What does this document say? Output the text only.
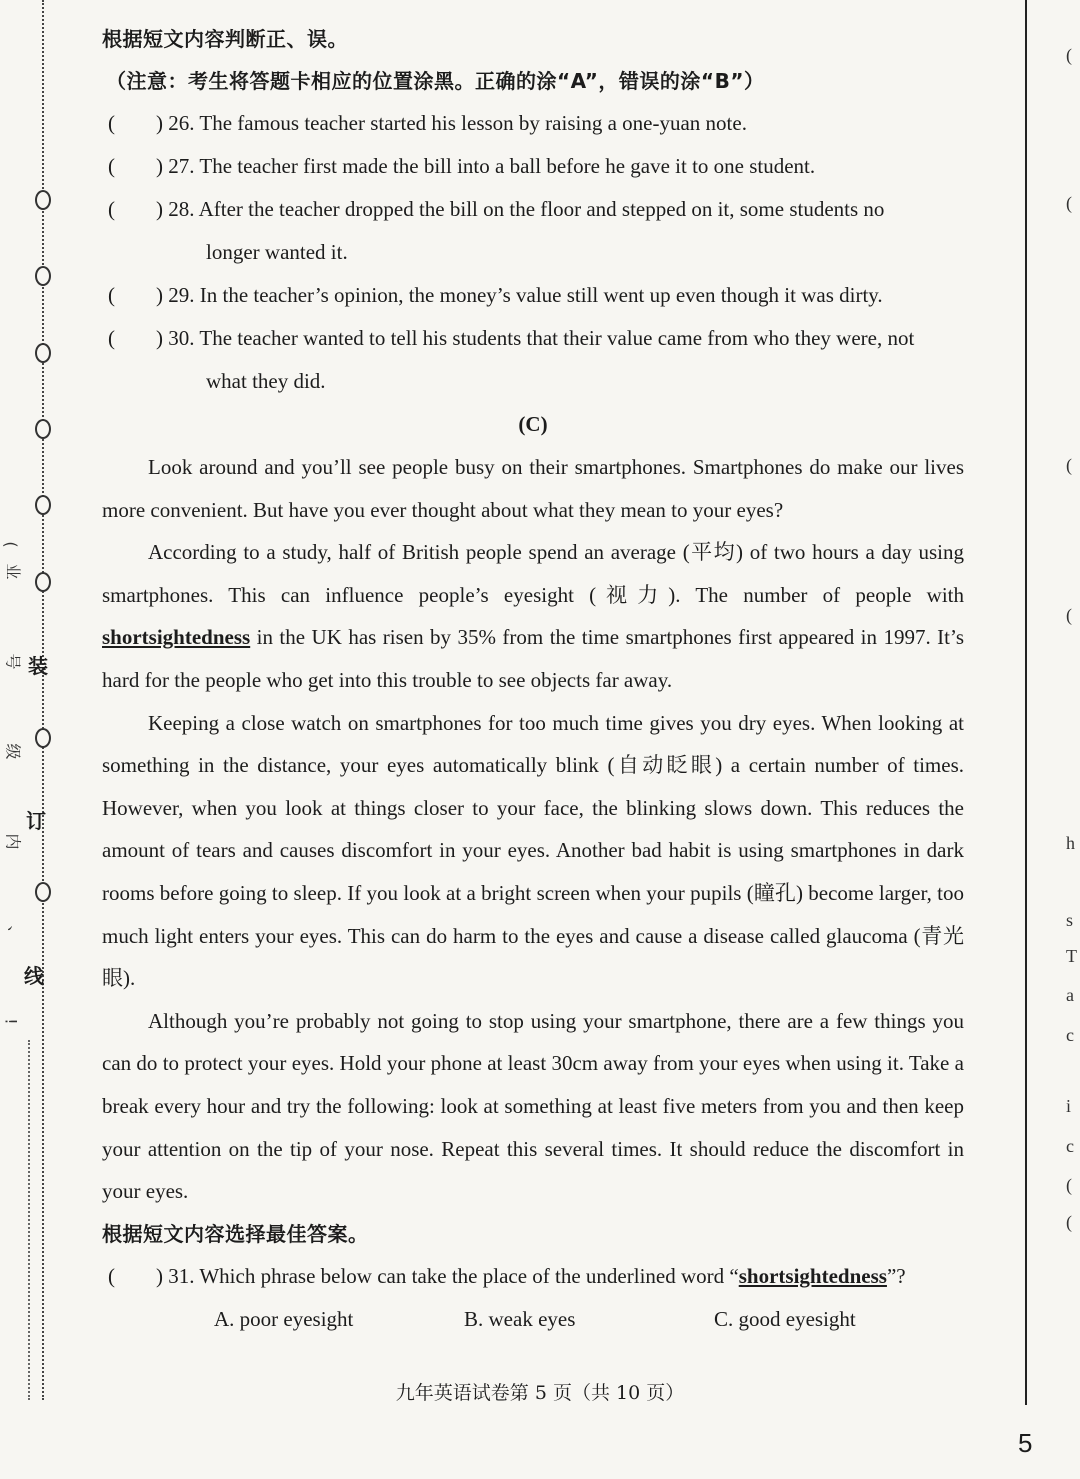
装
订
线
(
业
号
级
内
、
!
(
(
(
(
h
s
T
a
c
i
c
(
(
根据短文内容判断正、误。
（注意：考生将答题卡相应的位置涂黑。正确的涂“A”，错误的涂“B”）
(	) 26. The famous teacher started his lesson by raising a one-yuan note.
(	) 27. The teacher first made the bill into a ball before he gave it to one student.
(	) 28. After the teacher dropped the bill on the floor and stepped on it, some students no
longer wanted it.
(	) 29. In the teacher’s opinion, the money’s value still went up even though it was dirty.
(	) 30. The teacher wanted to tell his students that their value came from who they were, not
what they did.
(C)
Look around and you’ll see people busy on their smartphones. Smartphones do make our lives more convenient. But have you ever thought about what they mean to your eyes?
According to a study, half of British people spend an average (平均) of two hours a day using smartphones. This can influence people’s eyesight (视力). The number of people with shortsightedness in the UK has risen by 35% from the time smartphones first appeared in 1997. It’s hard for the people who get into this trouble to see objects far away.
Keeping a close watch on smartphones for too much time gives you dry eyes. When looking at something in the distance, your eyes automatically blink (自动眨眼) a certain number of times. However, when you look at things closer to your face, the blinking slows down. This reduces the amount of tears and causes discomfort in your eyes. Another bad habit is using smartphones in dark rooms before going to sleep. If you look at a bright screen when your pupils (瞳孔) become larger, too much light enters your eyes. This can do harm to the eyes and cause a disease called glaucoma (青光眼).
Although you’re probably not going to stop using your smartphone, there are a few things you can do to protect your eyes. Hold your phone at least 30cm away from your eyes when using it. Take a break every hour and try the following: look at something at least five meters from you and then keep your attention on the tip of your nose. Repeat this several times. It should reduce the discomfort in your eyes.
根据短文内容选择最佳答案。
(	) 31. Which phrase below can take the place of the underlined word “shortsightedness”?
A. poor eyesight	B. weak eyes	C. good eyesight
九年英语试卷第 5 页（共 10 页）
5
